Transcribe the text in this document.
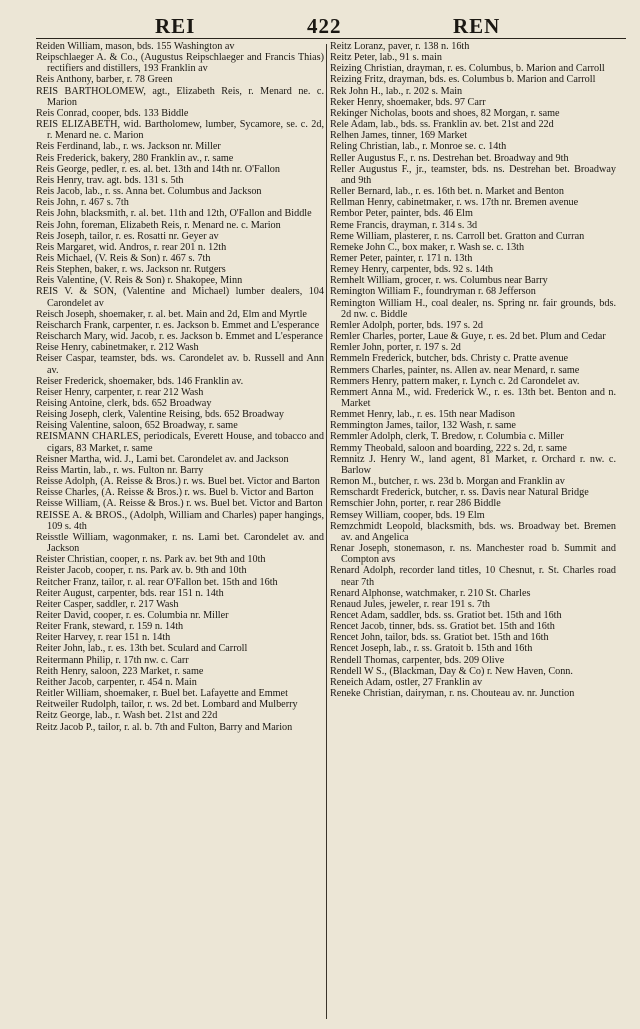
REI	422	REN

Reiden William, mason, bds. 155 Washington av

Reipschlaeger A. & Co., (Augustus Reipschlaeger and Francis Thias) rectifiers and distillers, 193 Franklin av

Reis Anthony, barber, r. 78 Green

REIS BARTHOLOMEW, agt., Elizabeth Reis, r. Menard ne. c. Marion

Reis Conrad, cooper, bds. 133 Biddle

REIS ELIZABETH, wid. Bartholomew, lumber, Sycamore, se. c. 2d, r. Menard ne. c. Marion

Reis Ferdinand, lab., r. ws. Jackson nr. Miller

Reis Frederick, bakery, 280 Franklin av., r. same

Reis George, pedler, r. es. al. bet. 13th and 14th nr. O'Fallon

Reis Henry, trav. agt. bds. 131 s. 5th

Reis Jacob, lab., r. ss. Anna bet. Columbus and Jackson

Reis John, r. 467 s. 7th

Reis John, blacksmith, r. al. bet. 11th and 12th, O'Fallon and Biddle

Reis John, foreman, Elizabeth Reis, r. Menard ne. c. Marion

Reis Joseph, tailor, r. es. Rosatti nr. Geyer av

Reis Margaret, wid. Andros, r. rear 201 n. 12th

Reis Michael, (V. Reis & Son) r. 467 s. 7th

Reis Stephen, baker, r. ws. Jackson nr. Rutgers

Reis Valentine, (V. Reis & Son) r. Shakopee, Minn

REIS V. & SON, (Valentine and Michael) lumber dealers, 104 Carondelet av

Reisch Joseph, shoemaker, r. al. bet. Main and 2d, Elm and Myrtle

Reischarch Frank, carpenter, r. es. Jackson b. Emmet and L'esperance

Reischarch Mary, wid. Jacob, r. es. Jackson b. Emmet and L'esperance

Reise Henry, cabinetmaker, r. 212 Wash

Reiser Caspar, teamster, bds. ws. Carondelet av. b. Russell and Ann av.

Reiser Frederick, shoemaker, bds. 146 Franklin av.

Reiser Henry, carpenter, r. rear 212 Wash

Reising Antoine, clerk, bds. 652 Broadway

Reising Joseph, clerk, Valentine Reising, bds. 652 Broadway

Reising Valentine, saloon, 652 Broadway, r. same

REISMANN CHARLES, periodicals, Everett House, and tobacco and cigars, 83 Market, r. same

Reisner Martha, wid. J., Lami bet. Carondelet av. and Jackson

Reiss Martin, lab., r. ws. Fulton nr. Barry

Reisse Adolph, (A. Reisse & Bros.) r. ws. Buel bet. Victor and Barton

Reisse Charles, (A. Reisse & Bros.) r. ws. Buel b. Victor and Barton

Reisse William, (A. Reisse & Bros.) r. ws. Buel bet. Victor and Barton

REISSE A. & BROS., (Adolph, William and Charles) paper hangings, 109 s. 4th

Reisstle William, wagonmaker, r. ns. Lami bet. Carondelet av. and Jackson

Reister Christian, cooper, r. ns. Park av. bet 9th and 10th

Reister Jacob, cooper, r. ns. Park av. b. 9th and 10th

Reitcher Franz, tailor, r. al. rear O'Fallon bet. 15th and 16th

Reiter August, carpenter, bds. rear 151 n. 14th

Reiter Casper, saddler, r. 217 Wash

Reiter David, cooper, r. es. Columbia nr. Miller

Reiter Frank, steward, r. 159 n. 14th

Reiter Harvey, r. rear 151 n. 14th

Reiter John, lab., r. es. 13th bet. Sculard and Carroll

Reitermann Philip, r. 17th nw. c. Carr

Reith Henry, saloon, 223 Market, r. same

Reither Jacob, carpenter, r. 454 n. Main

Reitler William, shoemaker, r. Buel bet. Lafayette and Emmet

Reitweiler Rudolph, tailor, r. ws. 2d bet. Lombard and Mulberry

Reitz George, lab., r. Wash bet. 21st and 22d

Reitz Jacob P., tailor, r. al. b. 7th and Fulton, Barry and Marion

Reitz Loranz, paver, r. 138 n. 16th

Reitz Peter, lab., 91 s. main

Reizing Christian, drayman, r. es. Columbus, b. Marion and Carroll

Reizing Fritz, drayman, bds. es. Columbus b. Marion and Carroll

Rek John H., lab., r. 202 s. Main

Reker Henry, shoemaker, bds. 97 Carr

Rekinger Nicholas, boots and shoes, 82 Morgan, r. same

Rele Adam, lab., bds. ss. Franklin av. bet. 21st and 22d

Relhen James, tinner, 169 Market

Reling Christian, lab., r. Monroe se. c. 14th

Reller Augustus F., r. ns. Destrehan bet. Broadway and 9th

Reller Augustus F., jr., teamster, bds. ns. Destrehan bet. Broadway and 9th

Reller Bernard, lab., r. es. 16th bet. n. Market and Benton

Rellman Henry, cabinetmaker, r. ws. 17th nr. Bremen avenue

Rembor Peter, painter, bds. 46 Elm

Reme Francis, drayman, r. 314 s. 3d

Reme William, plasterer, r. ns. Carroll bet. Gratton and Curran

Remeke John C., box maker, r. Wash se. c. 13th

Remer Peter, painter, r. 171 n. 13th

Remey Henry, carpenter, bds. 92 s. 14th

Remhelt William, grocer, r. ws. Columbus near Barry

Remington William F., foundryman r. 68 Jefferson

Remington William H., coal dealer, ns. Spring nr. fair grounds, bds. 2d nw. c. Biddle

Remler Adolph, porter, bds. 197 s. 2d

Remler Charles, porter, Laue & Guye, r. es. 2d bet. Plum and Cedar

Remler John, porter, r. 197 s. 2d

Remmeln Frederick, butcher, bds. Christy c. Pratte avenue

Remmers Charles, painter, ns. Allen av. near Menard, r. same

Remmers Henry, pattern maker, r. Lynch c. 2d Carondelet av.

Remmert Anna M., wid. Frederick W., r. es. 13th bet. Benton and n. Market

Remmet Henry, lab., r. es. 15th near Madison

Remmington James, tailor, 132 Wash, r. same

Remmler Adolph, clerk, T. Bredow, r. Columbia c. Miller

Remmy Theobald, saloon and boarding, 222 s. 2d, r. same

Remnitz J. Henry W., land agent, 81 Market, r. Orchard r. nw. c. Barlow

Remon M., butcher, r. ws. 23d b. Morgan and Franklin av

Remschardt Frederick, butcher, r. ss. Davis near Natural Bridge

Remschier John, porter, r. rear 286 Biddle

Remsey William, cooper, bds. 19 Elm

Remzchmidt Leopold, blacksmith, bds. ws. Broadway bet. Bremen av. and Angelica

Renar Joseph, stonemason, r. ns. Manchester road b. Summit and Compton avs

Renard Adolph, recorder land titles, 10 Chesnut, r. St. Charles road near 7th

Renard Alphonse, watchmaker, r. 210 St. Charles

Renaud Jules, jeweler, r. rear 191 s. 7th

Rencet Adam, saddler, bds. ss. Gratiot bet. 15th and 16th

Rencet Jacob, tinner, bds. ss. Gratiot bet. 15th and 16th

Rencet John, tailor, bds. ss. Gratiot bet. 15th and 16th

Rencet Joseph, lab., r. ss. Gratoit b. 15th and 16th

Rendell Thomas, carpenter, bds. 209 Olive

Rendell W S., (Blackman, Day & Co) r. New Haven, Conn.

Reneich Adam, ostler, 27 Franklin av

Reneke Christian, dairyman, r. ns. Chouteau av. nr. Junction
